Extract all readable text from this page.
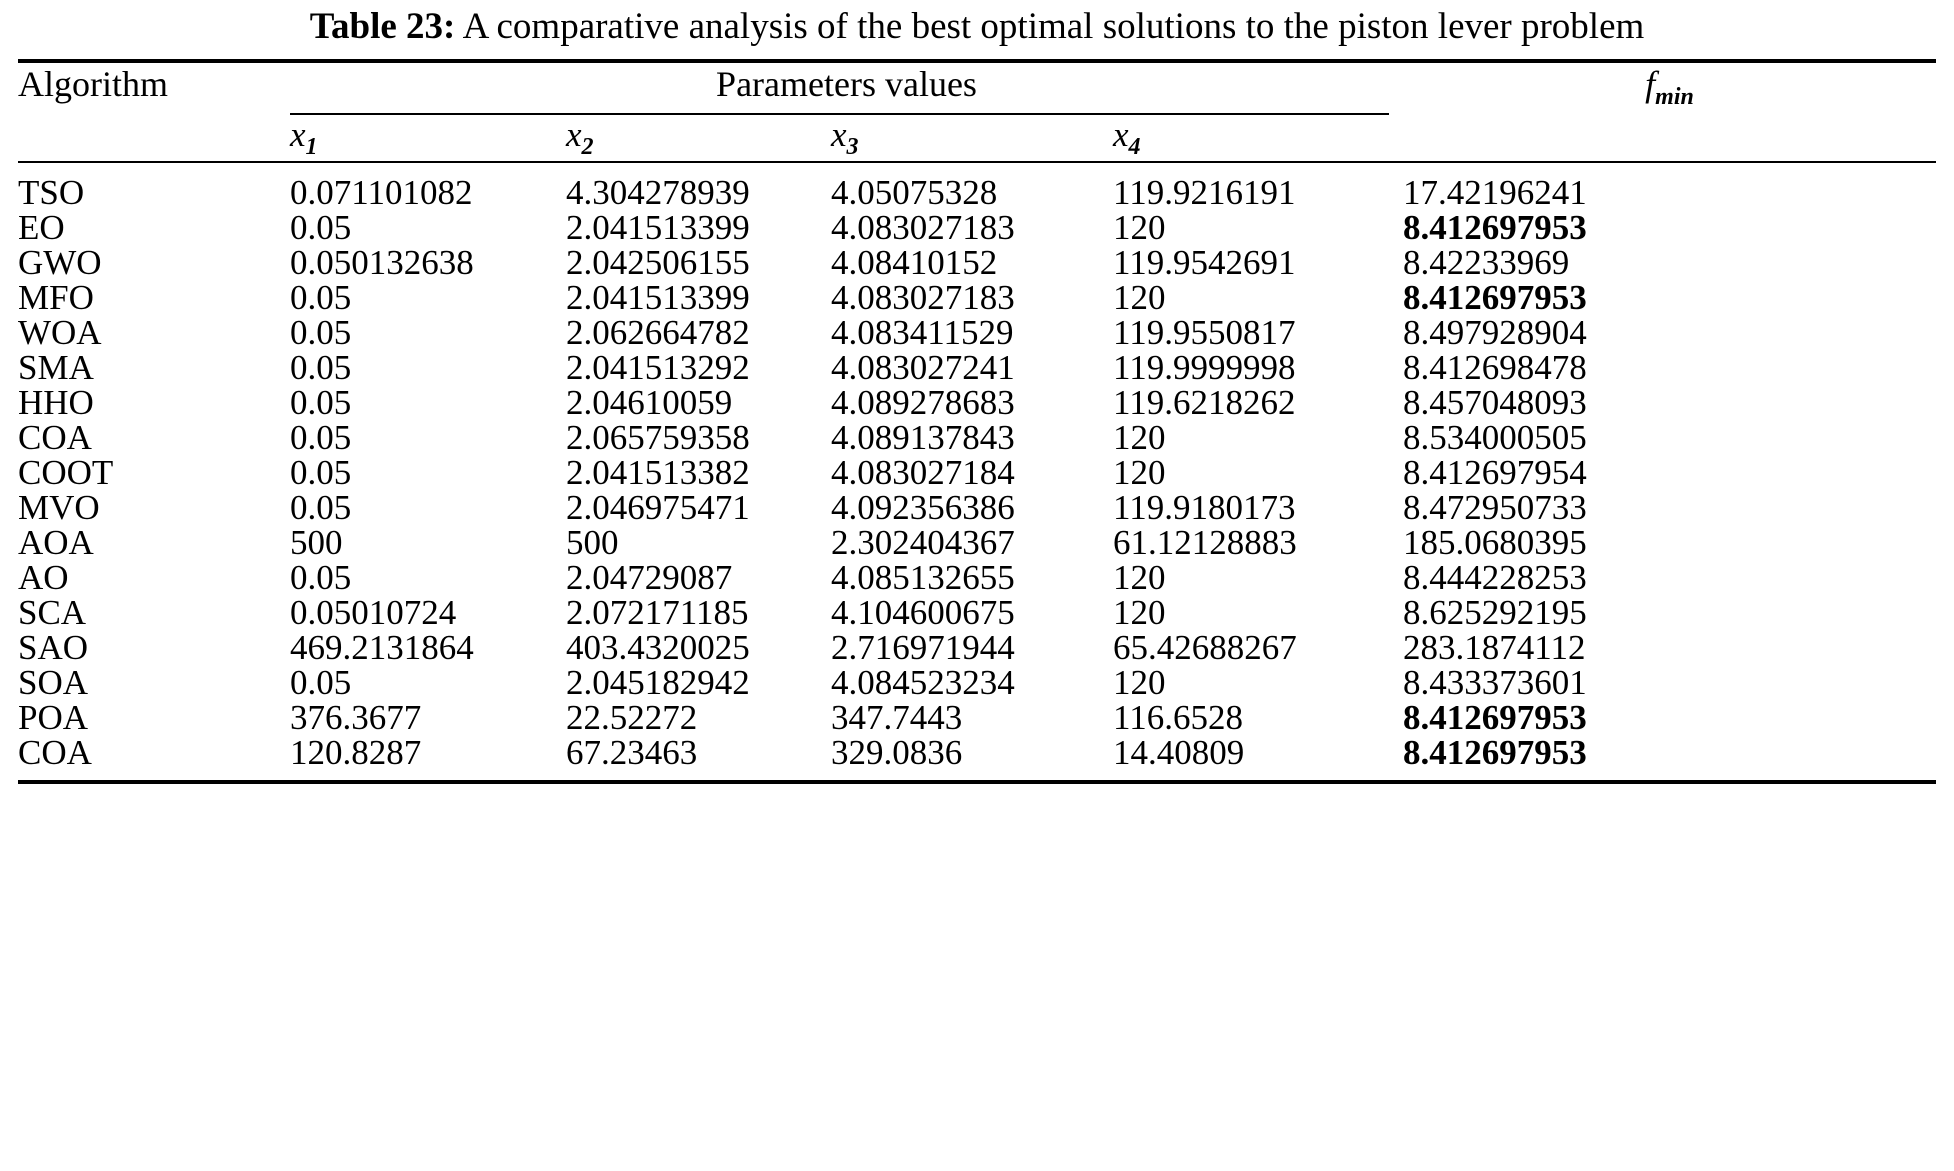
Table 23: A comparative analysis of the best optimal solutions to the piston lever problem
Algorithm	Parameters values				$f_{min}$
	$x_1$	$x_2$	$x_3$	$x_4$	

TSO	0.071101082	4.304278939	4.05075328	119.9216191	17.42196241
EO	0.05	2.041513399	4.083027183	120	8.412697953
GWO	0.050132638	2.042506155	4.08410152	119.9542691	8.42233969
MFO	0.05	2.041513399	4.083027183	120	8.412697953
WOA	0.05	2.062664782	4.083411529	119.9550817	8.497928904
SMA	0.05	2.041513292	4.083027241	119.9999998	8.412698478
HHO	0.05	2.04610059	4.089278683	119.6218262	8.457048093
COA	0.05	2.065759358	4.089137843	120	8.534000505
COOT	0.05	2.041513382	4.083027184	120	8.412697954
MVO	0.05	2.046975471	4.092356386	119.9180173	8.472950733
AOA	500	500	2.302404367	61.12128883	185.0680395
AO	0.05	2.04729087	4.085132655	120	8.444228253
SCA	0.05010724	2.072171185	4.104600675	120	8.625292195
SAO	469.2131864	403.4320025	2.716971944	65.42688267	283.1874112
SOA	0.05	2.045182942	4.084523234	120	8.433373601
POA	376.3677	22.52272	347.7443	116.6528	8.412697953
COA	120.8287	67.23463	329.0836	14.40809	8.412697953
